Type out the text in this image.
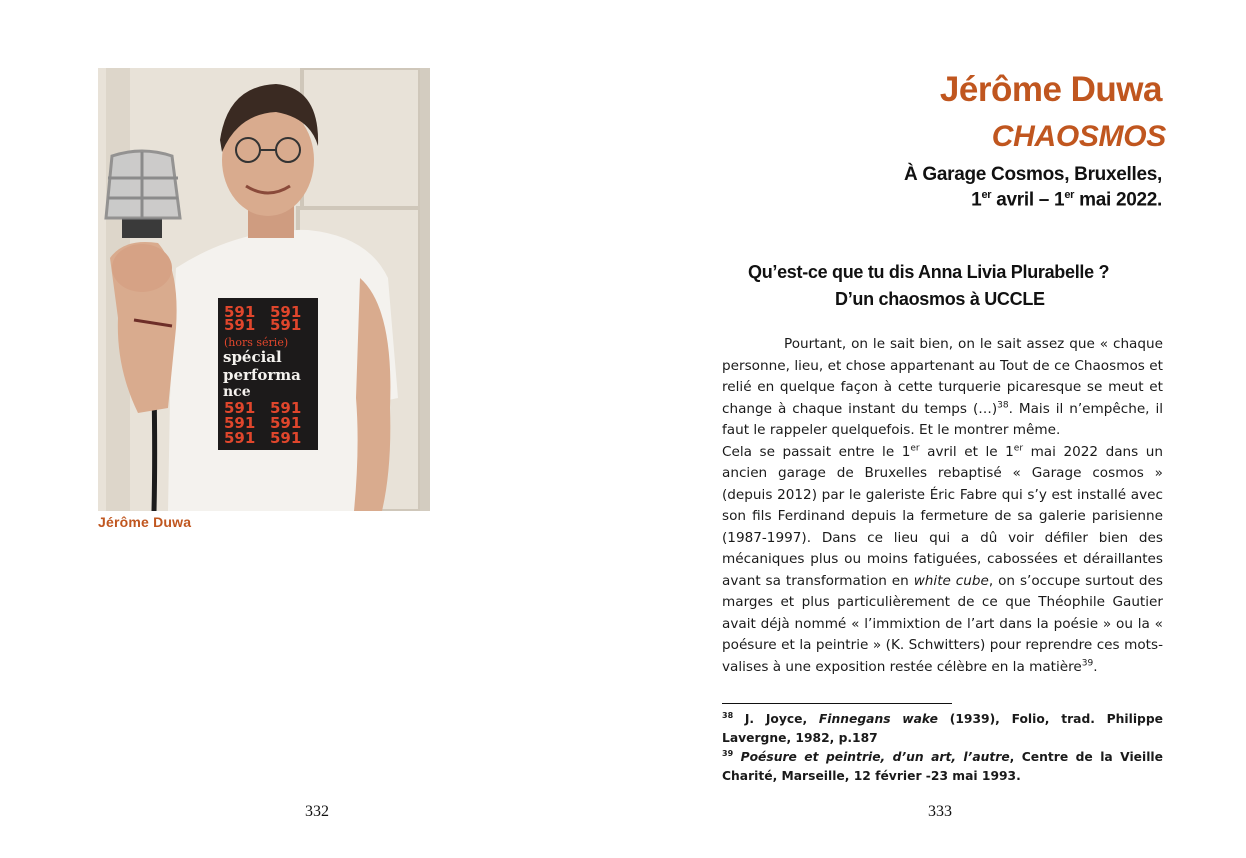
591 591
591 591
(hors série)
spécial
performa
nce
591 591
591 591
591 591
Jérôme Duwa
332
Jérôme Duwa
CHAOSMOS
À Garage Cosmos, Bruxelles,
1er avril – 1er mai 2022.
Qu’est-ce que tu dis Anna Livia Plurabelle ?
D’un chaosmos à UCCLE

Pourtant, on le sait bien, on le sait assez que « chaque personne, lieu, et chose appartenant au Tout de ce Chaosmos et relié en quelque façon à cette turquerie picaresque se meut et change à chaque instant du temps (…)$^{38}$. Mais il n’empêche, il faut le rappeler quelquefois. Et le montrer même.

Cela se passait entre le 1er avril et le 1er mai 2022 dans un ancien garage de Bruxelles rebaptisé « Garage cosmos » (depuis 2012) par le galeriste Éric Fabre qui s’y est installé avec son fils Ferdinand depuis la fermeture de sa galerie parisienne (1987-1997). Dans ce lieu qui a dû voir défiler bien des mécaniques plus ou moins fatiguées, cabossées et déraillantes avant sa transformation en white cube, on s’occupe surtout des marges et plus particulièrement de ce que Théophile Gautier avait déjà nommé « l’immixtion de l’art dans la poésie » ou la « poésure et la peintrie » (K. Schwitters) pour reprendre ces mots-valises à une exposition restée célèbre en la matière$^{39}$.

$^{38}$ J. Joyce, Finnegans wake (1939), Folio, trad. Philippe Lavergne, 1982, p.187

$^{39}$ Poésure et peintrie, d’un art, l’autre, Centre de la Vieille Charité, Marseille, 12 février -23 mai 1993.

333
